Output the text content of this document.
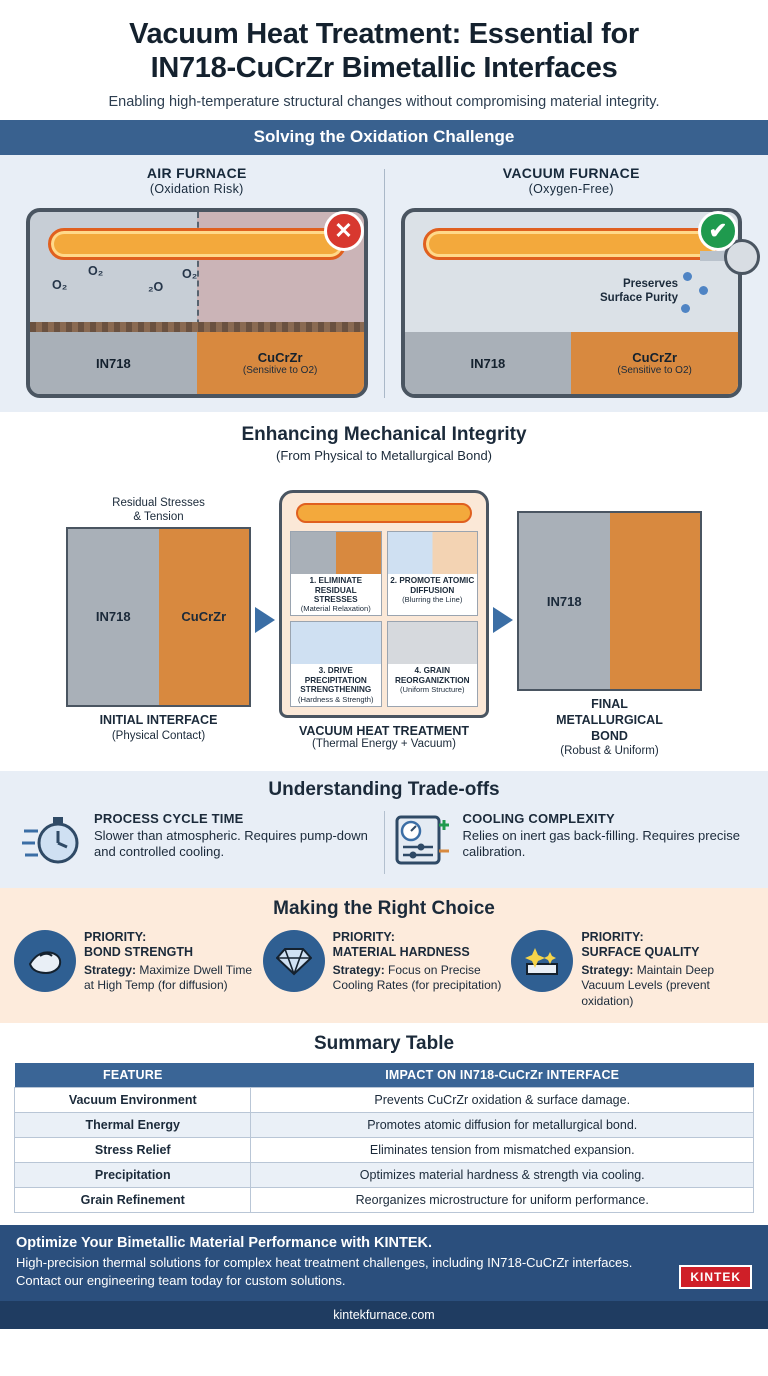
Vacuum Heat Treatment: Essential for
IN718-CuCrZr Bimetallic Interfaces
Enabling high-temperature structural changes without compromising material integrity.
Solving the Oxidation Challenge
AIR FURNACE
(Oxidation Risk)
O₂
O₂
₂O
O₂
IN718	CuCrZr
(Sensitive to O2)
✕
VACUUM FURNACE
(Oxygen-Free)
Preserves
Surface Purity
IN718	CuCrZr
(Sensitive to O2)
✔
Enhancing Mechanical Integrity
(From Physical to Metallurgical Bond)
Residual Stresses
& Tension
IN718	CuCrZr
INITIAL INTERFACE
(Physical Contact)
1. ELIMINATE RESIDUAL STRESSES
(Material Relaxation)
2. PROMOTE ATOMIC DIFFUSION
(Blurring the Line)
3. DRIVE PRECIPITATION STRENGTHENING
(Hardness & Strength)
4. GRAIN REORGANIZKTION
(Uniform Structure)
VACUUM HEAT TREATMENT
(Thermal Energy + Vacuum)
IN718
FINAL
METALLURGICAL
BOND
(Robust & Uniform)
Understanding Trade-offs
PROCESS CYCLE TIME

Slower than atmospheric. Requires pump-down and controlled cooling.

COOLING COMPLEXITY

Relies on inert gas back-filling. Requires precise calibration.

Making the Right Choice
PRIORITY:
BOND STRENGTH

Strategy: Maximize Dwell Time at High Temp (for diffusion)

PRIORITY:
MATERIAL HARDNESS

Strategy: Focus on Precise Cooling Rates (for precipitation)

PRIORITY:
SURFACE QUALITY

Strategy: Maintain Deep Vacuum Levels (prevent oxidation)

Summary Table
FEATURE	IMPACT ON IN718-CuCrZr INTERFACE
Vacuum Environment	Prevents CuCrZr oxidation & surface damage.
Thermal Energy	Promotes atomic diffusion for metallurgical bond.
Stress Relief	Eliminates tension from mismatched expansion.
Precipitation	Optimizes material hardness & strength via cooling.
Grain Refinement	Reorganizes microstructure for uniform performance.
Optimize Your Bimetallic Material Performance with KINTEK.

High-precision thermal solutions for complex heat treatment challenges, including IN718-CuCrZr interfaces. Contact our engineering team today for custom solutions.	KINTEK
kintekfurnace.com
